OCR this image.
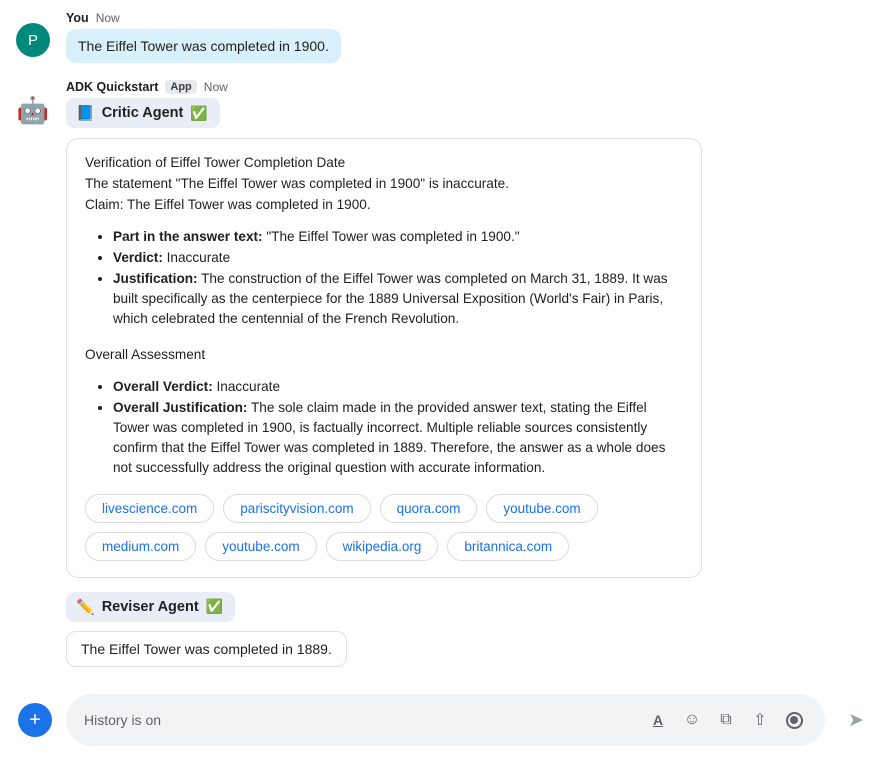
P
You Now
The Eiffel Tower was completed in 1900.
🤖
ADK Quickstart	App	Now
📘 Critic Agent ✅

Verification of Eiffel Tower Completion Date

The statement "The Eiffel Tower was completed in 1900" is inaccurate.

Claim: The Eiffel Tower was completed in 1900.

• Part in the answer text: "The Eiffel Tower was completed in 1900."
• Verdict: Inaccurate
• Justification: The construction of the Eiffel Tower was completed on March 31, 1889. It was built specifically as the centerpiece for the 1889 Universal Exposition (World's Fair) in Paris, which celebrated the centennial of the French Revolution.

Overall Assessment

• Overall Verdict: Inaccurate
• Overall Justification: The sole claim made in the provided answer text, stating the Eiffel Tower was completed in 1900, is factually incorrect. Multiple reliable sources consistently confirm that the Eiffel Tower was completed in 1889. Therefore, the answer as a whole does not successfully address the original question with accurate information.
livescience.com	pariscityvision.com	quora.com	youtube.com
medium.com	youtube.com	wikipedia.org	britannica.com
✏️ Reviser Agent ✅
The Eiffel Tower was completed in 1889.
+
History is on	A	☺	⧉	⇧	➤
